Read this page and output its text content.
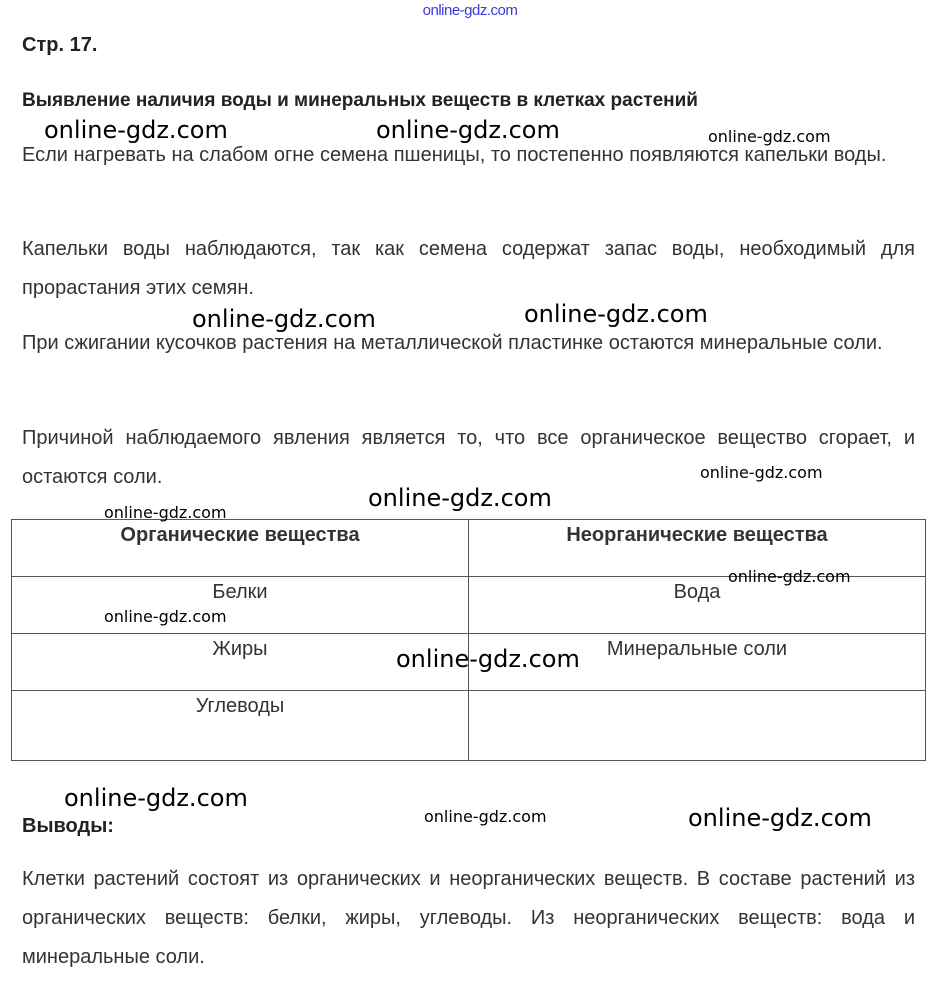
online-gdz.com
Стр. 17.
Выявление наличия воды и минеральных веществ в клетках растений
Если нагревать на слабом огне семена пшеницы, то постепенно появляются капельки воды.
Капельки воды наблюдаются, так как семена содержат запас воды, необходимый для прорастания этих семян.
При сжигании кусочков растения на металлической пластинке остаются минеральные соли.
Причиной наблюдаемого явления является то, что все органическое вещество сгорает, и остаются соли.
Органические вещества	Неорганические вещества
Белки	Вода
Жиры	Минеральные соли
Углеводы	
Выводы:
Клетки растений состоят из органических и неорганических веществ. В составе растений из органических веществ: белки, жиры, углеводы. Из неорганических веществ: вода и минеральные соли.
online-gdz.com	online-gdz.com	online-gdz.com
online-gdz.com	online-gdz.com
online-gdz.com
online-gdz.com
online-gdz.com
online-gdz.com
online-gdz.com
online-gdz.com
online-gdz.com
online-gdz.com	online-gdz.com
